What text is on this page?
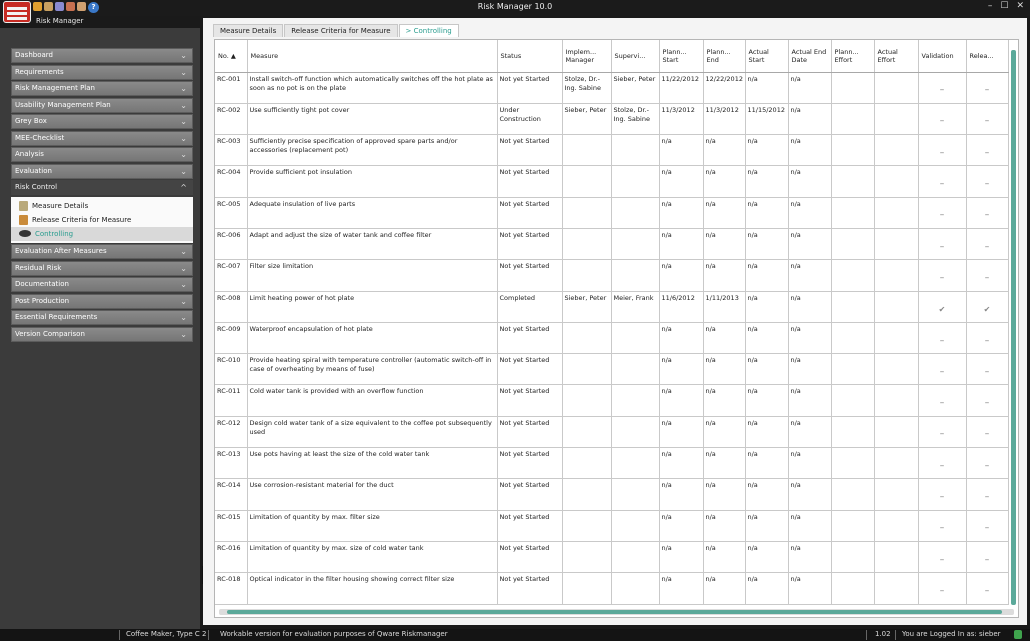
Risk Manager 10.0	– ☐ ✕
?
Risk Manager
Dashboard	⌄
Requirements	⌄
Risk Management Plan	⌄
Usability Management Plan	⌄
Grey Box	⌄
MEE-Checklist	⌄
Analysis	⌄
Evaluation	⌄
Risk Control	^
Measure Details
Release Criteria for Measure
Controlling
Evaluation After Measures	⌄
Residual Risk	⌄
Documentation	⌄
Post Production	⌄
Essential Requirements	⌄
Version Comparison	⌄
Measure Details	Release Criteria for Measure	> Controlling
No. ▲	Measure	Status	Implem... Manager	Supervi...	Plann... Start	Plann... End	Actual Start	Actual End Date	Plann... Effort	Actual Effort	Validation	Relea...
RC-001	Install switch-off function which automatically switches off the hot plate as soon as no pot is on the plate	Not yet Started	Stolze, Dr.-Ing. Sabine	Sieber, Peter	11/22/2012	12/22/2012	n/a	n/a			–	–
RC-002	Use sufficiently tight pot cover	Under Construction	Sieber, Peter	Stolze, Dr.-Ing. Sabine	11/3/2012	11/3/2012	11/15/2012	n/a			–	–
RC-003	Sufficiently precise specification of approved spare parts and/or accessories (replacement pot)	Not yet Started			n/a	n/a	n/a	n/a			–	–
RC-004	Provide sufficient pot insulation	Not yet Started			n/a	n/a	n/a	n/a			–	–
RC-005	Adequate insulation of live parts	Not yet Started			n/a	n/a	n/a	n/a			–	–
RC-006	Adapt and adjust the size of water tank and coffee filter	Not yet Started			n/a	n/a	n/a	n/a			–	–
RC-007	Filter size limitation	Not yet Started			n/a	n/a	n/a	n/a			–	–
RC-008	Limit heating power of hot plate	Completed	Sieber, Peter	Meier, Frank	11/6/2012	1/11/2013	n/a	n/a			✔	✔
RC-009	Waterproof encapsulation of hot plate	Not yet Started			n/a	n/a	n/a	n/a			–	–
RC-010	Provide heating spiral with temperature controller (automatic switch-off in case of overheating by means of fuse)	Not yet Started			n/a	n/a	n/a	n/a			–	–
RC-011	Cold water tank is provided with an overflow function	Not yet Started			n/a	n/a	n/a	n/a			–	–
RC-012	Design cold water tank of a size equivalent to the coffee pot subsequently used	Not yet Started			n/a	n/a	n/a	n/a			–	–
RC-013	Use pots having at least the size of the cold water tank	Not yet Started			n/a	n/a	n/a	n/a			–	–
RC-014	Use corrosion-resistant material for the duct	Not yet Started			n/a	n/a	n/a	n/a			–	–
RC-015	Limitation of quantity by max. filter size	Not yet Started			n/a	n/a	n/a	n/a			–	–
RC-016	Limitation of quantity by max. size of cold water tank	Not yet Started			n/a	n/a	n/a	n/a			–	–
RC-018	Optical indicator in the filter housing showing correct filter size	Not yet Started			n/a	n/a	n/a	n/a			–	–
Coffee Maker, Type C 2 Workable version for evaluation purposes of Qware Riskmanager	1.02 You are Logged In as: sieber
